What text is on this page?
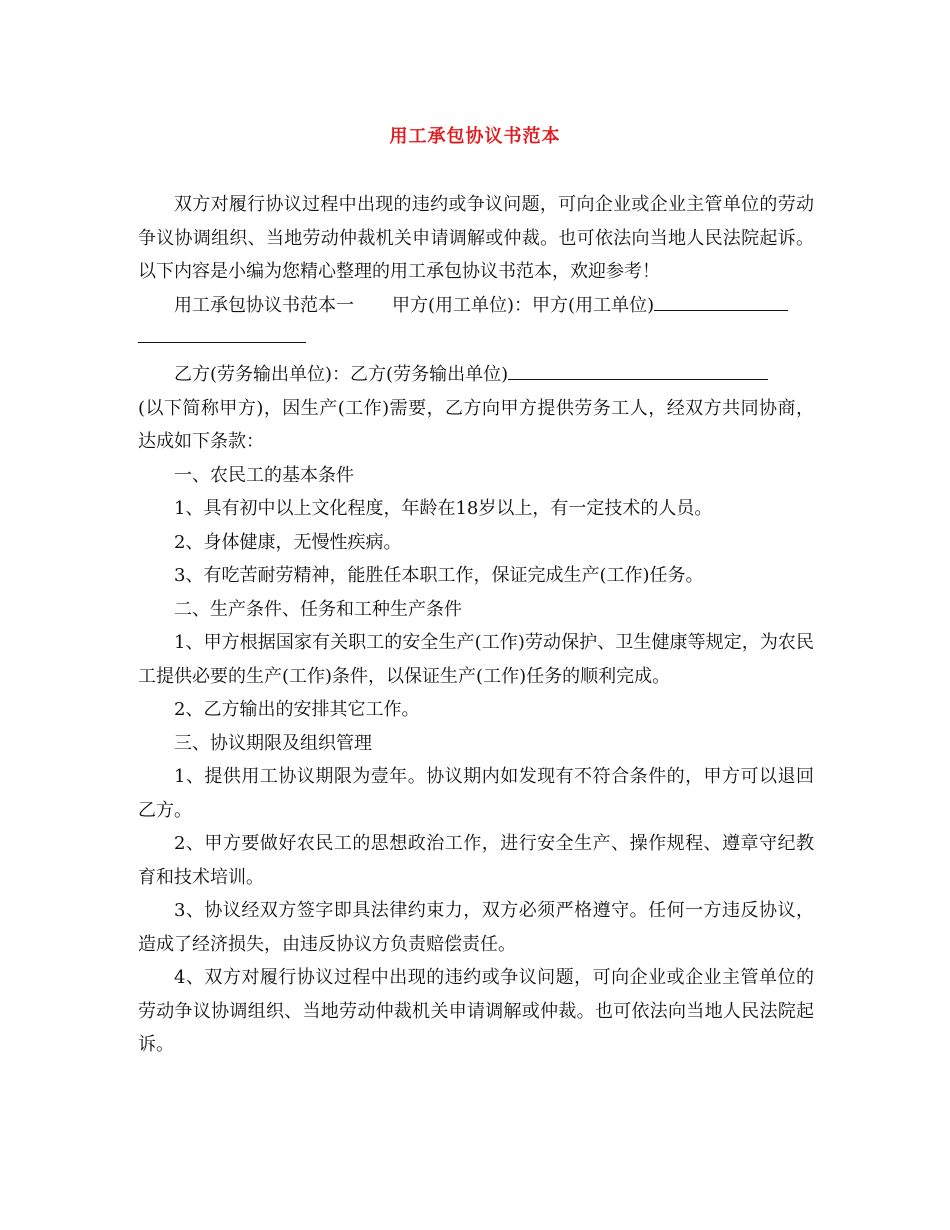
用工承包协议书范本

双方对履行协议过程中出现的违约或争议问题，可向企业或企业主管单位的劳动争议协调组织、当地劳动仲裁机关申请调解或仲裁。也可依法向当地人民法院起诉。以下内容是小编为您精心整理的用工承包协议书范本，欢迎参考！

用工承包协议书范本一 甲方(用工单位)：甲方(用工单位)

乙方(劳务输出单位)：乙方(劳务输出单位)

(以下简称甲方)，因生产(工作)需要，乙方向甲方提供劳务工人，经双方共同协商，达成如下条款：

一、农民工的基本条件

1、具有初中以上文化程度，年龄在18岁以上，有一定技术的人员。

2、身体健康，无慢性疾病。

3、有吃苦耐劳精神，能胜任本职工作，保证完成生产(工作)任务。

二、生产条件、任务和工种生产条件

1、甲方根据国家有关职工的安全生产(工作)劳动保护、卫生健康等规定，为农民工提供必要的生产(工作)条件，以保证生产(工作)任务的顺利完成。

2、乙方输出的安排其它工作。

三、协议期限及组织管理

1、提供用工协议期限为壹年。协议期内如发现有不符合条件的，甲方可以退回乙方。

2、甲方要做好农民工的思想政治工作，进行安全生产、操作规程、遵章守纪教育和技术培训。

3、协议经双方签字即具法律约束力，双方必须严格遵守。任何一方违反协议，造成了经济损失，由违反协议方负责赔偿责任。

4、双方对履行协议过程中出现的违约或争议问题，可向企业或企业主管单位的劳动争议协调组织、当地劳动仲裁机关申请调解或仲裁。也可依法向当地人民法院起诉。
